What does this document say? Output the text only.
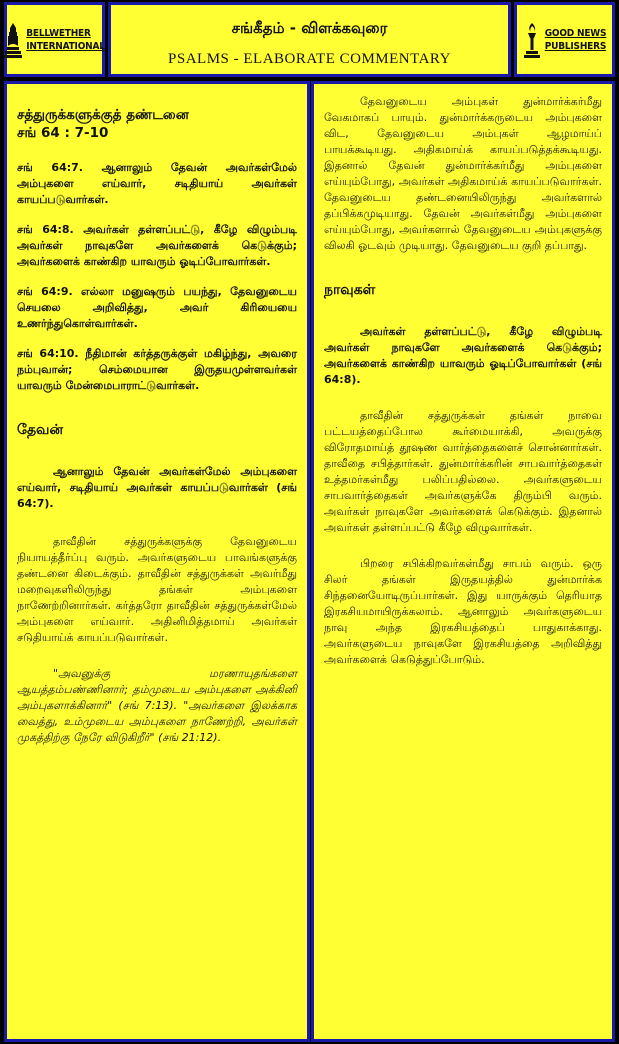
BELLWETHER
INTERNATIONAL
சங்கீதம் - விளக்கவுரை
PSALMS - ELABORATE COMMENTARY
GOOD NEWS
PUBLISHERS

சத்துருக்களுக்குத் தண்டனை

சங் 64 : 7-10

சங் 64:7. ஆனாலும் தேவன் அவர்கள்மேல் அம்புகளை எய்வார், சடிதியாய் அவர்கள் காயப்படுவார்கள்.

சங் 64:8. அவர்கள் தள்ளப்பட்டு, கீழே விழும்படி அவர்கள் நாவுகளே அவர்களைக் கெடுக்கும்; அவர்களைக் காண்கிற யாவரும் ஓடிப்போவார்கள்.

சங் 64:9. எல்லா மனுஷரும் பயந்து, தேவனுடைய செயலை அறிவித்து, அவர் கிரியையை உணர்ந்துகொள்வார்கள்.

சங் 64:10. நீதிமான் கர்த்தருக்குள் மகிழ்ந்து, அவரை நம்புவான்; செம்மையான இருதயமுள்ளவர்கள் யாவரும் மேன்மைபாராட்டுவார்கள்.

தேவன்

ஆனாலும் தேவன் அவர்கள்மேல் அம்புகளை எய்வார், சடிதியாய் அவர்கள் காயப்படுவார்கள் (சங் 64:7).

தாவீதின் சத்துருக்களுக்கு தேவனுடைய நியாயத்தீர்ப்பு வரும். அவர்களுடைய பாவங்களுக்கு தண்டனை கிடைக்கும். தாவீதின் சத்துருக்கள் அவர்மீது மறைவுகளிலிருந்து தங்கள் அம்புகளை நாணேற்றினார்கள். கர்த்தரோ தாவீதின் சத்துருக்கள்மேல் அம்புகளை எய்வார். அதினிமித்தமாய் அவர்கள் சடுதியாய்க் காயப்படுவார்கள்.

"அவனுக்கு மரணாயுதங்களை ஆயத்தம்பண்ணினார்; தம்முடைய அம்புகளை அக்கினி அம்புகளாக்கினார்" (சங் 7:13). "அவர்களை இலக்காக வைத்து, உம்முடைய அம்புகளை நாணேற்றி, அவர்கள் முகத்திற்கு நேரே விடுகிறீர்" (சங் 21:12).

தேவனுடைய அம்புகள் துன்மார்க்கர்மீது வேகமாகப் பாயும். துன்மார்க்கருடைய அம்புகளை விட, தேவனுடைய அம்புகள் ஆழமாய்ப் பாயக்கூடியது. அதிகமாய்க் காயப்படுத்தக்கூடியது. இதனால் தேவன் துன்மார்க்கர்மீது அம்புகளை எய்யும்போது, அவர்கள் அதிகமாய்க் காயப்படுவார்கள். தேவனுடைய தண்டனையிலிருந்து அவர்களால் தப்பிக்கமுடியாது. தேவன் அவர்கள்மீது அம்புகளை எய்யும்போது, அவர்களால் தேவனுடைய அம்புகளுக்கு விலகி ஓடவும் முடியாது. தேவனுடைய குறி தப்பாது.

நாவுகள்

அவர்கள் தள்ளப்பட்டு, கீழே விழும்படி அவர்கள் நாவுகளே அவர்களைக் கெடுக்கும்; அவர்களைக் காண்கிற யாவரும் ஓடிப்போவார்கள் (சங் 64:8).

தாவீதின் சத்துருக்கள் தங்கள் நாவை பட்டயத்தைப்போல கூர்மையாக்கி, அவருக்கு விரோதமாய்த் தூஷண வார்த்தைகளைச் சொன்னார்கள். தாவீதை சபித்தார்கள். துன்மார்க்கரின் சாபவார்த்தைகள் உத்தமர்கள்மீது பலிப்பதில்லை. அவர்களுடைய சாபவார்த்தைகள் அவர்களுக்கே திரும்பி வரும். அவர்கள் நாவுகளே அவர்களைக் கெடுக்கும். இதனால் அவர்கள் தள்ளப்பட்டு கீழே விழுவார்கள்.

பிறரை சபிக்கிறவர்கள்மீது சாபம் வரும். ஒரு சிலர் தங்கள் இருதயத்தில் துன்மார்க்க சிந்தனையோடிருப்பார்கள். இது யாருக்கும் தெரியாத இரகசியமாயிருக்கலாம். ஆனாலும் அவர்களுடைய நாவு அந்த இரகசியத்தைப் பாதுகாக்காது. அவர்களுடைய நாவுகளே இரகசியத்தை அறிவித்து அவர்களைக் கெடுத்துப்போடும்.
